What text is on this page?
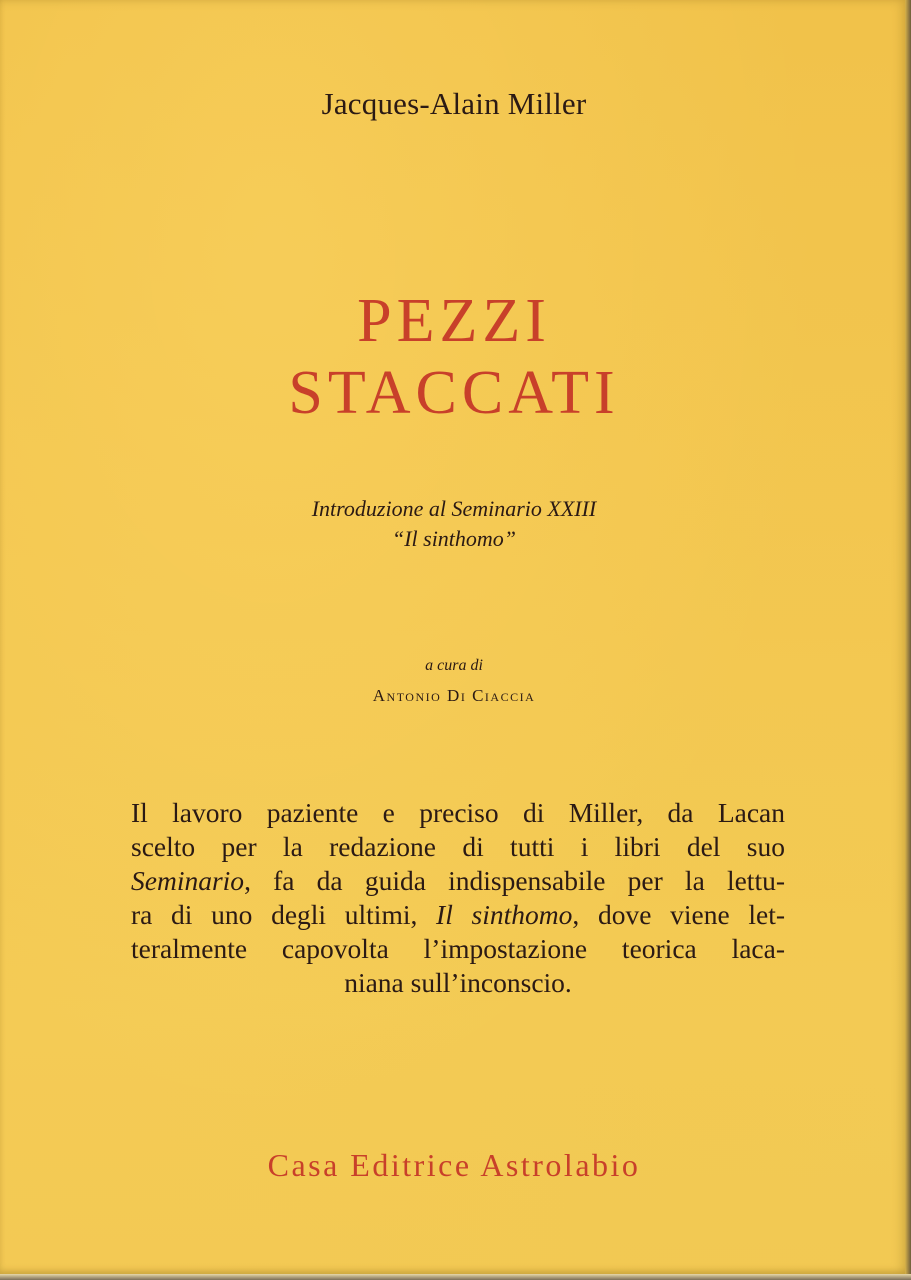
Jacques-Alain Miller
PEZZI
STACCATI
Introduzione al Seminario XXIII
“Il sinthomo”
a cura di
Antonio Di Ciaccia
Il lavoro paziente e preciso di Miller, da Lacan
scelto per la redazione di tutti i libri del suo
Seminario, fa da guida indispensabile per la lettu-
ra di uno degli ultimi, Il sinthomo, dove viene let-
teralmente capovolta l’impostazione teorica laca-
niana sull’inconscio.
Casa Editrice Astrolabio
